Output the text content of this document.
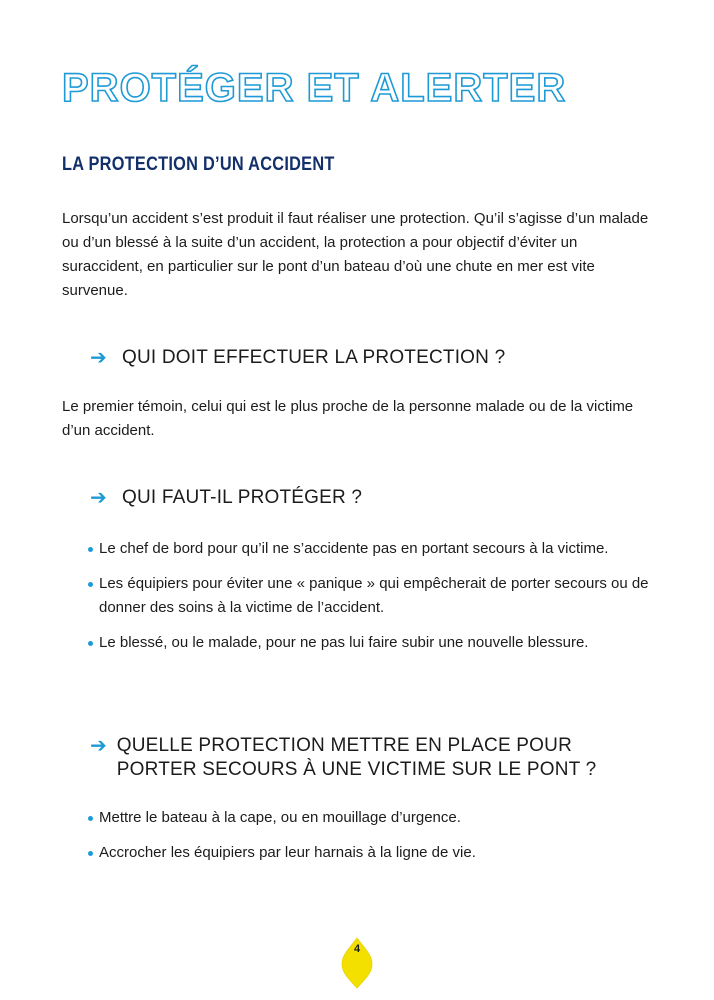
PROTÉGER ET ALERTER
LA PROTECTION D’UN ACCIDENT

Lorsqu’un accident s’est produit il faut réaliser une protection. Qu’il s’agisse d’un malade ou d’un blessé à la suite d’un accident, la protection a pour objectif d’éviter un suraccident, en particulier sur le pont d’un bateau d’où une chute en mer est vite survenue.

➔ QUI DOIT EFFECTUER LA PROTECTION ?

Le premier témoin, celui qui est le plus proche de la personne malade ou de la victime d’un accident.

➔ QUI FAUT-IL PROTÉGER ?
Le chef de bord pour qu’il ne s’accidente pas en portant secours à la victime.
Les équipiers pour éviter une « panique » qui empêcherait de porter secours ou de donner des soins à la victime de l’accident.
Le blessé, ou le malade, pour ne pas lui faire subir une nouvelle blessure.
➔ QUELLE PROTECTION METTRE EN PLACE POUR PORTER SECOURS À UNE VICTIME SUR LE PONT ?
Mettre le bateau à la cape, ou en mouillage d’urgence.
Accrocher les équipiers par leur harnais à la ligne de vie.
4
